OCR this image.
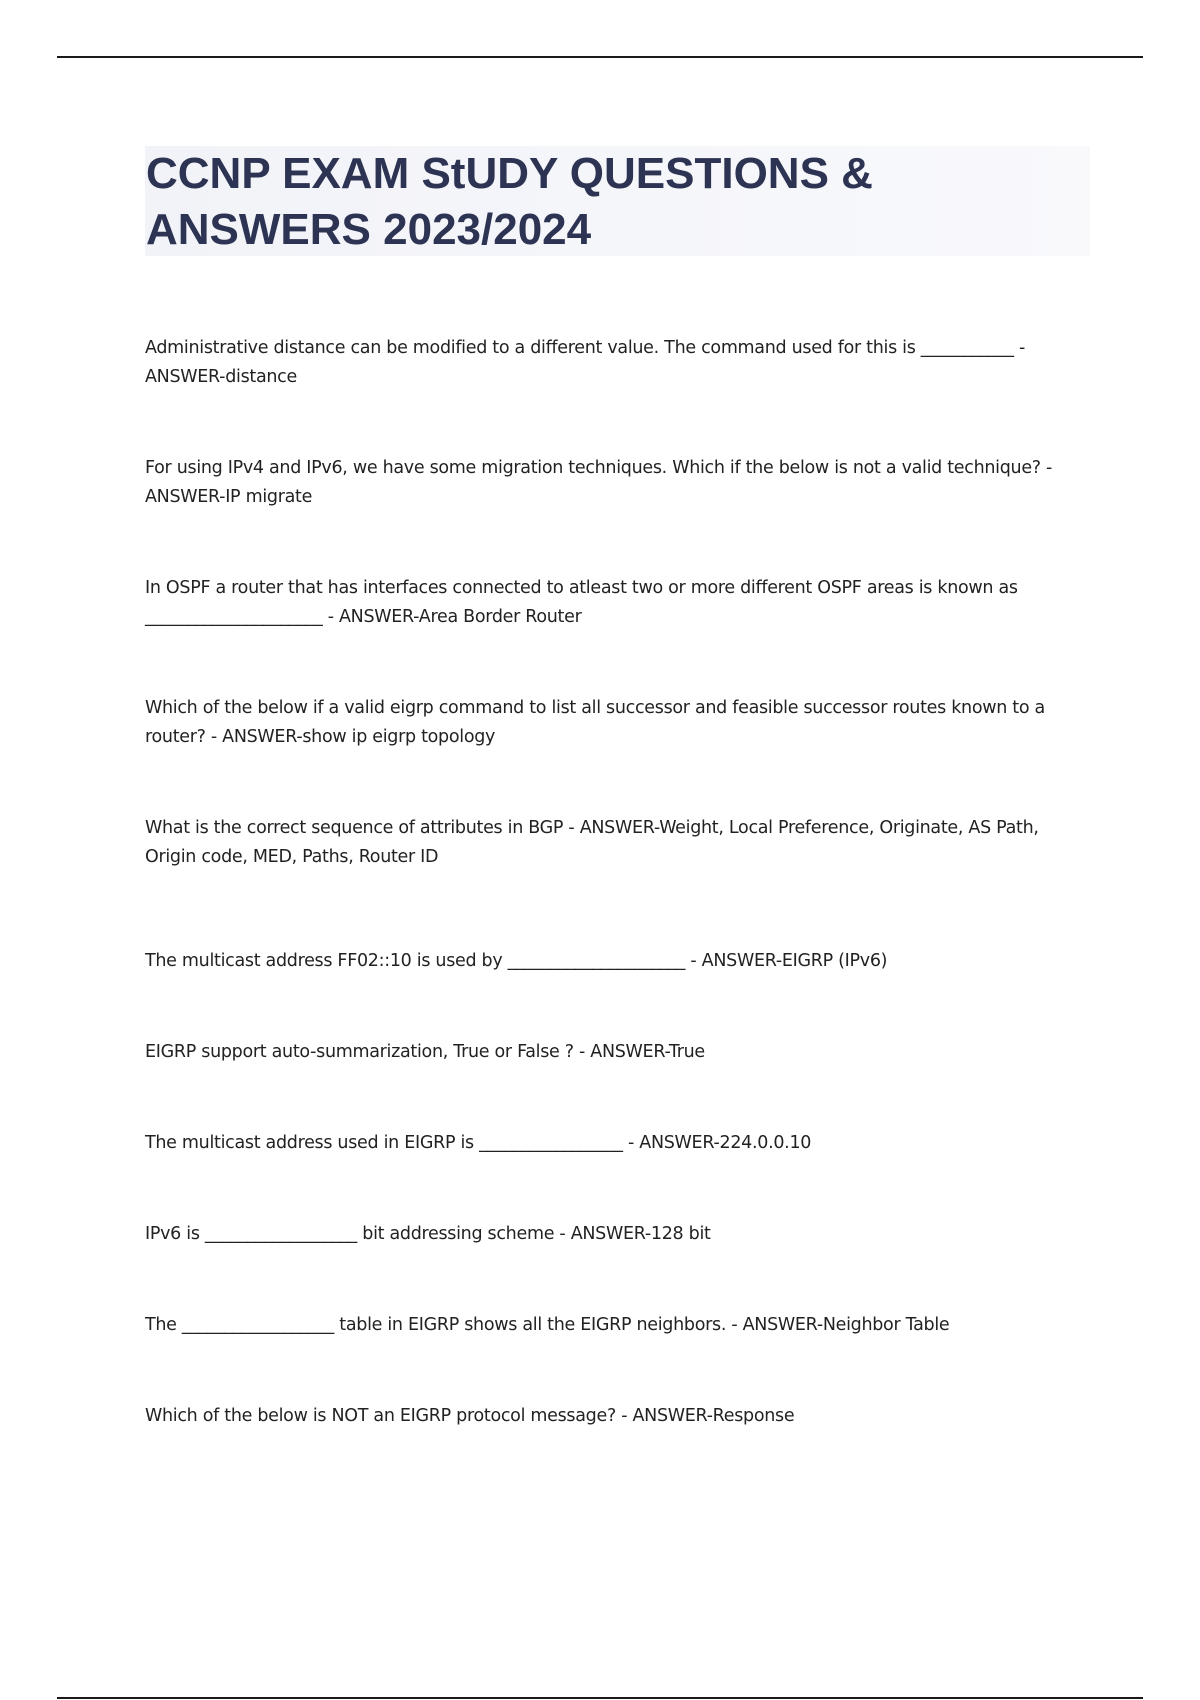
CCNP EXAM StUDY QUESTIONS &
ANSWERS 2023/2024

Administrative distance can be modified to a different value. The command used for this is ___________ - ANSWER-distance

For using IPv4 and IPv6, we have some migration techniques. Which if the below is not a valid technique? - ANSWER-IP migrate

In OSPF a router that has interfaces connected to atleast two or more different OSPF areas is known as _____________________ - ANSWER-Area Border Router

Which of the below if a valid eigrp command to list all successor and feasible successor routes known to a router? - ANSWER-show ip eigrp topology

What is the correct sequence of attributes in BGP - ANSWER-Weight, Local Preference, Originate, AS Path, Origin code, MED, Paths, Router ID

The multicast address FF02::10 is used by _____________________ - ANSWER-EIGRP (IPv6)

EIGRP support auto-summarization, True or False ? - ANSWER-True

The multicast address used in EIGRP is _________________ - ANSWER-224.0.0.10

IPv6 is __________________ bit addressing scheme - ANSWER-128 bit

The __________________ table in EIGRP shows all the EIGRP neighbors. - ANSWER-Neighbor Table

Which of the below is NOT an EIGRP protocol message? - ANSWER-Response
